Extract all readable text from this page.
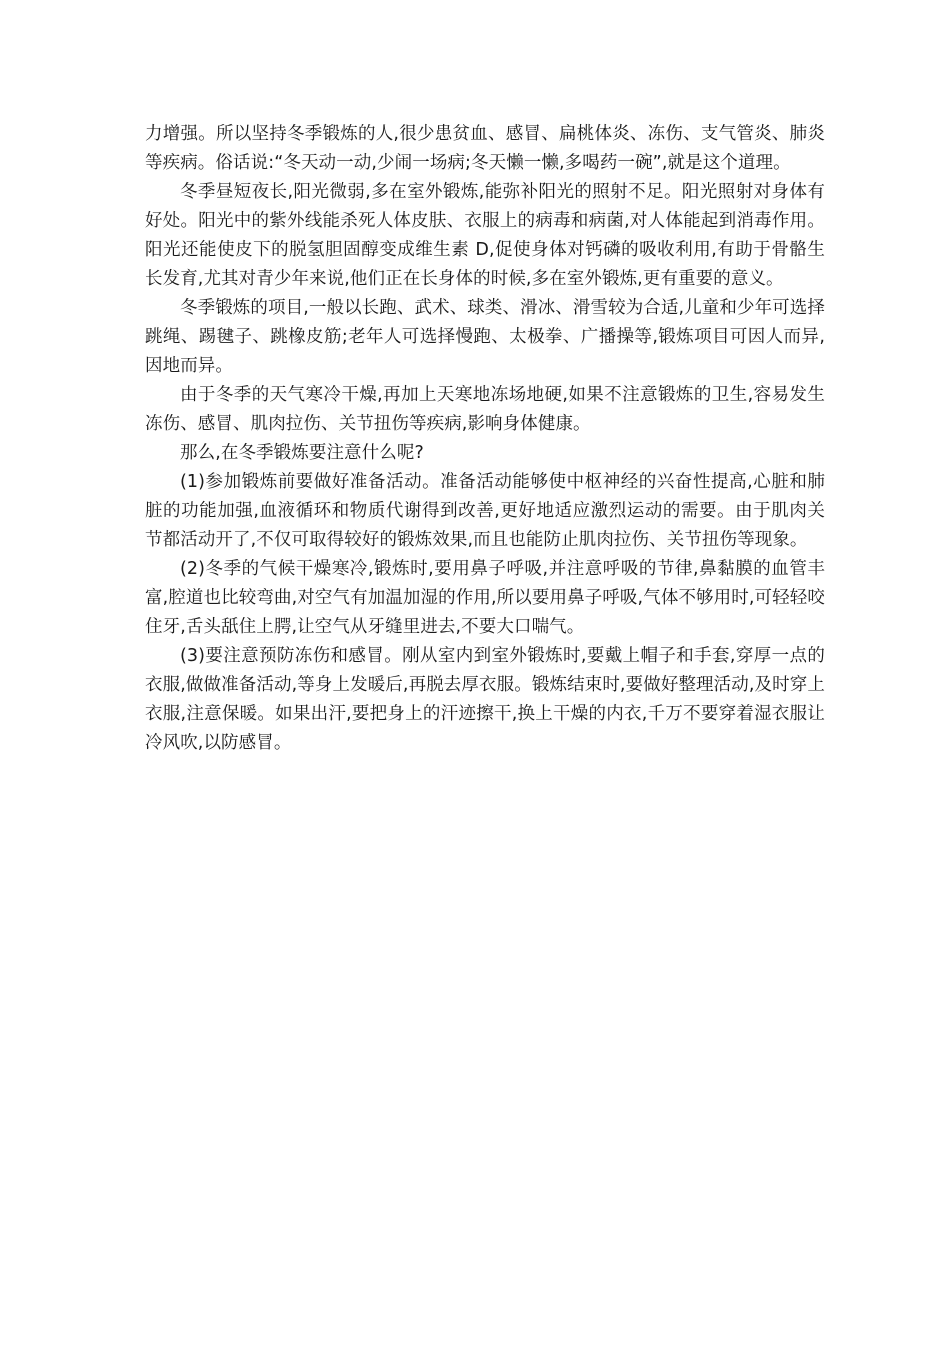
力增强。所以坚持冬季锻炼的人,很少患贫血、感冒、扁桃体炎、冻伤、支气管炎、肺炎等疾病。俗话说:“冬天动一动,少闹一场病;冬天懒一懒,多喝药一碗”,就是这个道理。

冬季昼短夜长,阳光微弱,多在室外锻炼,能弥补阳光的照射不足。阳光照射对身体有好处。阳光中的紫外线能杀死人体皮肤、衣服上的病毒和病菌,对人体能起到消毒作用。阳光还能使皮下的脱氢胆固醇变成维生素 D,促使身体对钙磷的吸收利用,有助于骨骼生长发育,尤其对青少年来说,他们正在长身体的时候,多在室外锻炼,更有重要的意义。

冬季锻炼的项目,一般以长跑、武术、球类、滑冰、滑雪较为合适,儿童和少年可选择跳绳、踢毽子、跳橡皮筋;老年人可选择慢跑、太极拳、广播操等,锻炼项目可因人而异,因地而异。

由于冬季的天气寒冷干燥,再加上天寒地冻场地硬,如果不注意锻炼的卫生,容易发生冻伤、感冒、肌肉拉伤、关节扭伤等疾病,影响身体健康。

那么,在冬季锻炼要注意什么呢?

(1)参加锻炼前要做好准备活动。准备活动能够使中枢神经的兴奋性提高,心脏和肺脏的功能加强,血液循环和物质代谢得到改善,更好地适应激烈运动的需要。由于肌肉关节都活动开了,不仅可取得较好的锻炼效果,而且也能防止肌肉拉伤、关节扭伤等现象。

(2)冬季的气候干燥寒冷,锻炼时,要用鼻子呼吸,并注意呼吸的节律,鼻黏膜的血管丰富,腔道也比较弯曲,对空气有加温加湿的作用,所以要用鼻子呼吸,气体不够用时,可轻轻咬住牙,舌头舐住上腭,让空气从牙缝里进去,不要大口喘气。

(3)要注意预防冻伤和感冒。刚从室内到室外锻炼时,要戴上帽子和手套,穿厚一点的衣服,做做准备活动,等身上发暖后,再脱去厚衣服。锻炼结束时,要做好整理活动,及时穿上衣服,注意保暖。如果出汗,要把身上的汗迹擦干,换上干燥的内衣,千万不要穿着湿衣服让冷风吹,以防感冒。
